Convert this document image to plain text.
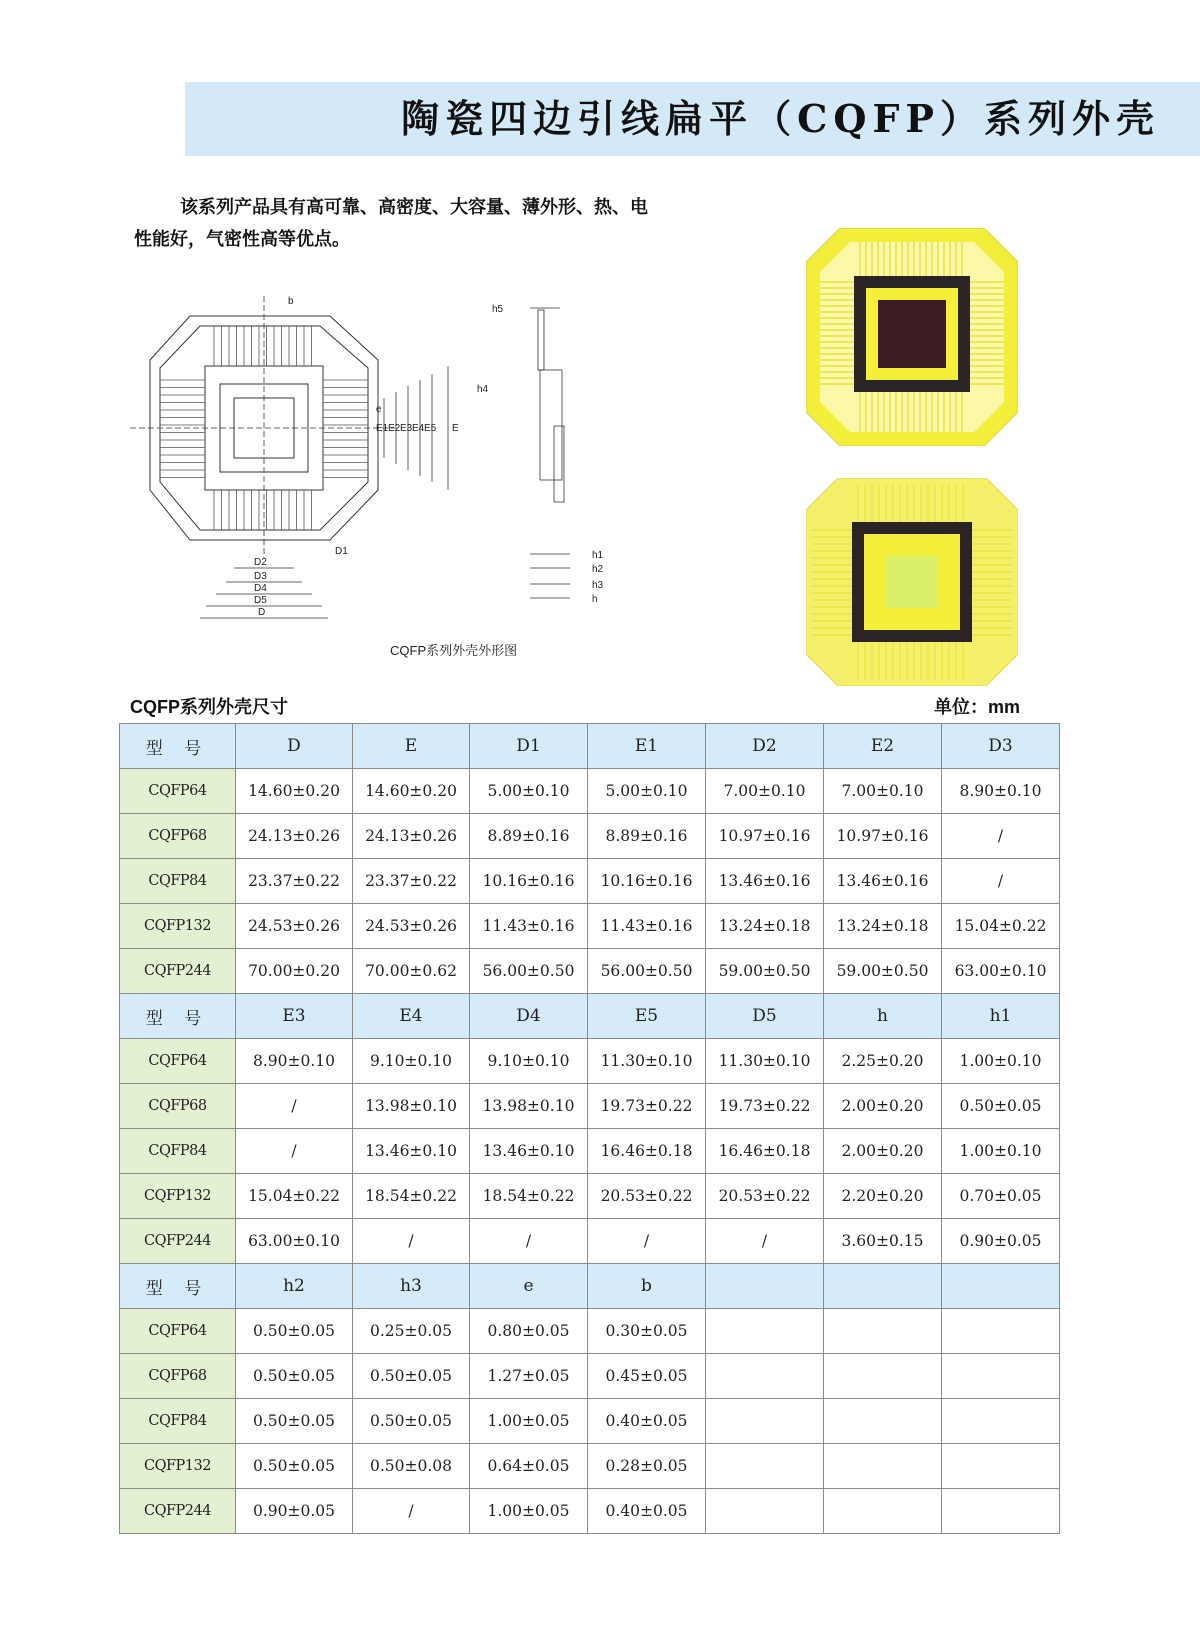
陶瓷四边引线扁平（CQFP）系列外壳
该系列产品具有高可靠、高密度、大容量、薄外形、热、电
性能好，气密性高等优点。
b
D2
D3
D4
D5
D
D1
e
E1 E2 E3 E4 E5 E
h5
h4
h1
h2
h3
h
CQFP系列外壳外形图
CQFP系列外壳尺寸	单位：mm
型 号	D	E	D1	E1	D2	E2	D3
CQFP64	14.60±0.20	14.60±0.20	5.00±0.10	5.00±0.10	7.00±0.10	7.00±0.10	8.90±0.10
CQFP68	24.13±0.26	24.13±0.26	8.89±0.16	8.89±0.16	10.97±0.16	10.97±0.16	/
CQFP84	23.37±0.22	23.37±0.22	10.16±0.16	10.16±0.16	13.46±0.16	13.46±0.16	/
CQFP132	24.53±0.26	24.53±0.26	11.43±0.16	11.43±0.16	13.24±0.18	13.24±0.18	15.04±0.22
CQFP244	70.00±0.20	70.00±0.62	56.00±0.50	56.00±0.50	59.00±0.50	59.00±0.50	63.00±0.10
型 号	E3	E4	D4	E5	D5	h	h1
CQFP64	8.90±0.10	9.10±0.10	9.10±0.10	11.30±0.10	11.30±0.10	2.25±0.20	1.00±0.10
CQFP68	/	13.98±0.10	13.98±0.10	19.73±0.22	19.73±0.22	2.00±0.20	0.50±0.05
CQFP84	/	13.46±0.10	13.46±0.10	16.46±0.18	16.46±0.18	2.00±0.20	1.00±0.10
CQFP132	15.04±0.22	18.54±0.22	18.54±0.22	20.53±0.22	20.53±0.22	2.20±0.20	0.70±0.05
CQFP244	63.00±0.10	/	/	/	/	3.60±0.15	0.90±0.05
型 号	h2	h3	e	b			
CQFP64	0.50±0.05	0.25±0.05	0.80±0.05	0.30±0.05			
CQFP68	0.50±0.05	0.50±0.05	1.27±0.05	0.45±0.05			
CQFP84	0.50±0.05	0.50±0.05	1.00±0.05	0.40±0.05			
CQFP132	0.50±0.05	0.50±0.08	0.64±0.05	0.28±0.05			
CQFP244	0.90±0.05	/	1.00±0.05	0.40±0.05			
